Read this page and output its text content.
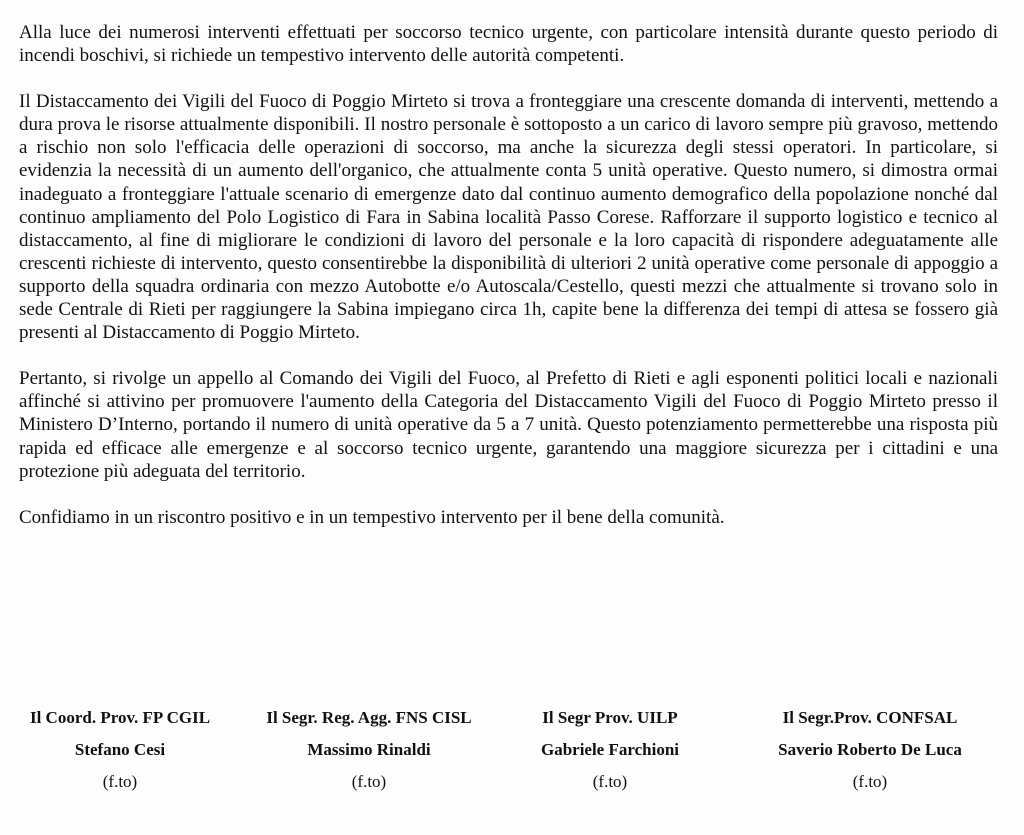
Alla luce dei numerosi interventi effettuati per soccorso tecnico urgente, con particolare intensità durante questo periodo di incendi boschivi, si richiede un tempestivo intervento delle autorità competenti.

Il Distaccamento dei Vigili del Fuoco di Poggio Mirteto si trova a fronteggiare una crescente domanda di interventi, mettendo a dura prova le risorse attualmente disponibili. Il nostro personale è sottoposto a un carico di lavoro sempre più gravoso, mettendo a rischio non solo l'efficacia delle operazioni di soccorso, ma anche la sicurezza degli stessi operatori. In particolare, si evidenzia la necessità di un aumento dell'organico, che attualmente conta 5 unità operative. Questo numero, si dimostra ormai inadeguato a fronteggiare l'attuale scenario di emergenze dato dal continuo aumento demografico della popolazione nonché dal continuo ampliamento del Polo Logistico di Fara in Sabina località Passo Corese. Rafforzare il supporto logistico e tecnico al distaccamento, al fine di migliorare le condizioni di lavoro del personale e la loro capacità di rispondere adeguatamente alle crescenti richieste di intervento, questo consentirebbe la disponibilità di ulteriori 2 unità operative come personale di appoggio a supporto della squadra ordinaria con mezzo Autobotte e/o Autoscala/Cestello, questi mezzi che attualmente si trovano solo in sede Centrale di Rieti per raggiungere la Sabina impiegano circa 1h, capite bene la differenza dei tempi di attesa se fossero già presenti al Distaccamento di Poggio Mirteto.

Pertanto, si rivolge un appello al Comando dei Vigili del Fuoco, al Prefetto di Rieti e agli esponenti politici locali e nazionali affinché si attivino per promuovere l'aumento della Categoria del Distaccamento Vigili del Fuoco di Poggio Mirteto presso il Ministero D’Interno, portando il numero di unità operative da 5 a 7 unità. Questo potenziamento permetterebbe una risposta più rapida ed efficace alle emergenze e al soccorso tecnico urgente, garantendo una maggiore sicurezza per i cittadini e una protezione più adeguata del territorio.

Confidiamo in un riscontro positivo e in un tempestivo intervento per il bene della comunità.

Il Coord. Prov. FP CGIL
Stefano Cesi
(f.to)
Il Segr. Reg. Agg. FNS CISL
Massimo Rinaldi
(f.to)
Il Segr Prov. UILP
Gabriele Farchioni
(f.to)
Il Segr.Prov. CONFSAL
Saverio Roberto De Luca
(f.to)
